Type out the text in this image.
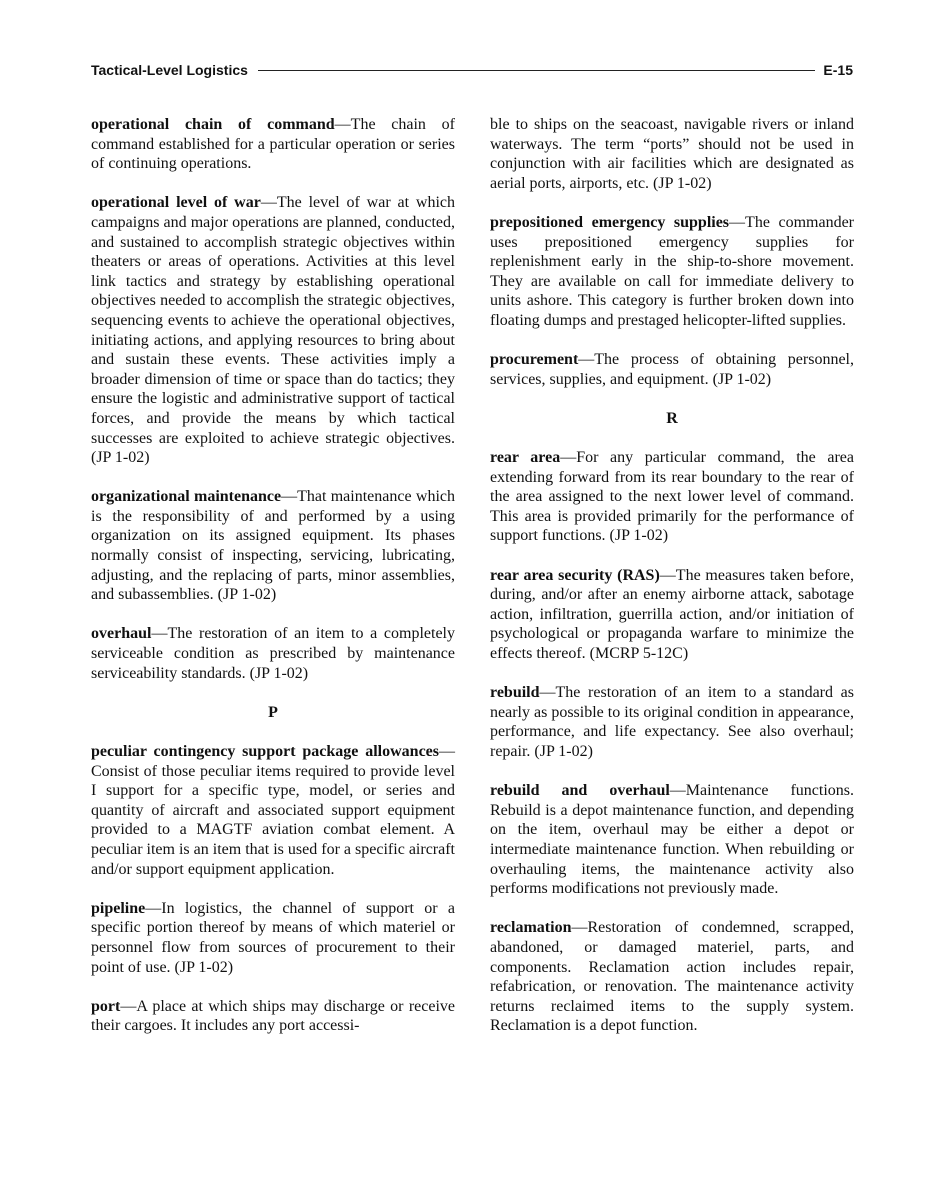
Tactical-Level Logistics	E-15
operational chain of command—The chain of command established for a particular operation or series of continuing operations.
operational level of war—The level of war at which campaigns and major operations are planned, conducted, and sustained to accomplish strategic objectives within theaters or areas of operations. Activities at this level link tactics and strategy by establishing operational objectives needed to accomplish the strategic objectives, sequencing events to achieve the operational objectives, initiating actions, and applying resources to bring about and sustain these events. These activities imply a broader dimension of time or space than do tactics; they ensure the logistic and administrative support of tactical forces, and provide the means by which tactical successes are exploited to achieve strategic objectives. (JP 1-02)
organizational maintenance—That maintenance which is the responsibility of and performed by a using organization on its assigned equipment. Its phases normally consist of inspecting, servicing, lubricating, adjusting, and the replacing of parts, minor assemblies, and subassemblies. (JP 1-02)
overhaul—The restoration of an item to a completely serviceable condition as prescribed by maintenance serviceability standards. (JP 1-02)
P
peculiar contingency support package allowances—Consist of those peculiar items required to provide level I support for a specific type, model, or series and quantity of aircraft and associated support equipment provided to a MAGTF aviation combat element. A peculiar item is an item that is used for a specific aircraft and/or support equipment application.
pipeline—In logistics, the channel of support or a specific portion thereof by means of which materiel or personnel flow from sources of procurement to their point of use. (JP 1-02)
port—A place at which ships may discharge or receive their cargoes. It includes any port accessi-
ble to ships on the seacoast, navigable rivers or inland waterways. The term “ports” should not be used in conjunction with air facilities which are designated as aerial ports, airports, etc. (JP 1-02)
prepositioned emergency supplies—The commander uses prepositioned emergency supplies for replenishment early in the ship-to-shore movement. They are available on call for immediate delivery to units ashore. This category is further broken down into floating dumps and prestaged helicopter-lifted supplies.
procurement—The process of obtaining personnel, services, supplies, and equipment. (JP 1-02)
R
rear area—For any particular command, the area extending forward from its rear boundary to the rear of the area assigned to the next lower level of command. This area is provided primarily for the performance of support functions. (JP 1-02)
rear area security (RAS)—The measures taken before, during, and/or after an enemy airborne attack, sabotage action, infiltration, guerrilla action, and/or initiation of psychological or propaganda warfare to minimize the effects thereof. (MCRP 5-12C)
rebuild—The restoration of an item to a standard as nearly as possible to its original condition in appearance, performance, and life expectancy. See also overhaul; repair. (JP 1-02)
rebuild and overhaul—Maintenance functions. Rebuild is a depot maintenance function, and depending on the item, overhaul may be either a depot or intermediate maintenance function. When rebuilding or overhauling items, the maintenance activity also performs modifications not previously made.
reclamation—Restoration of condemned, scrapped, abandoned, or damaged materiel, parts, and components. Reclamation action includes repair, refabrication, or renovation. The maintenance activity returns reclaimed items to the supply system. Reclamation is a depot function.
